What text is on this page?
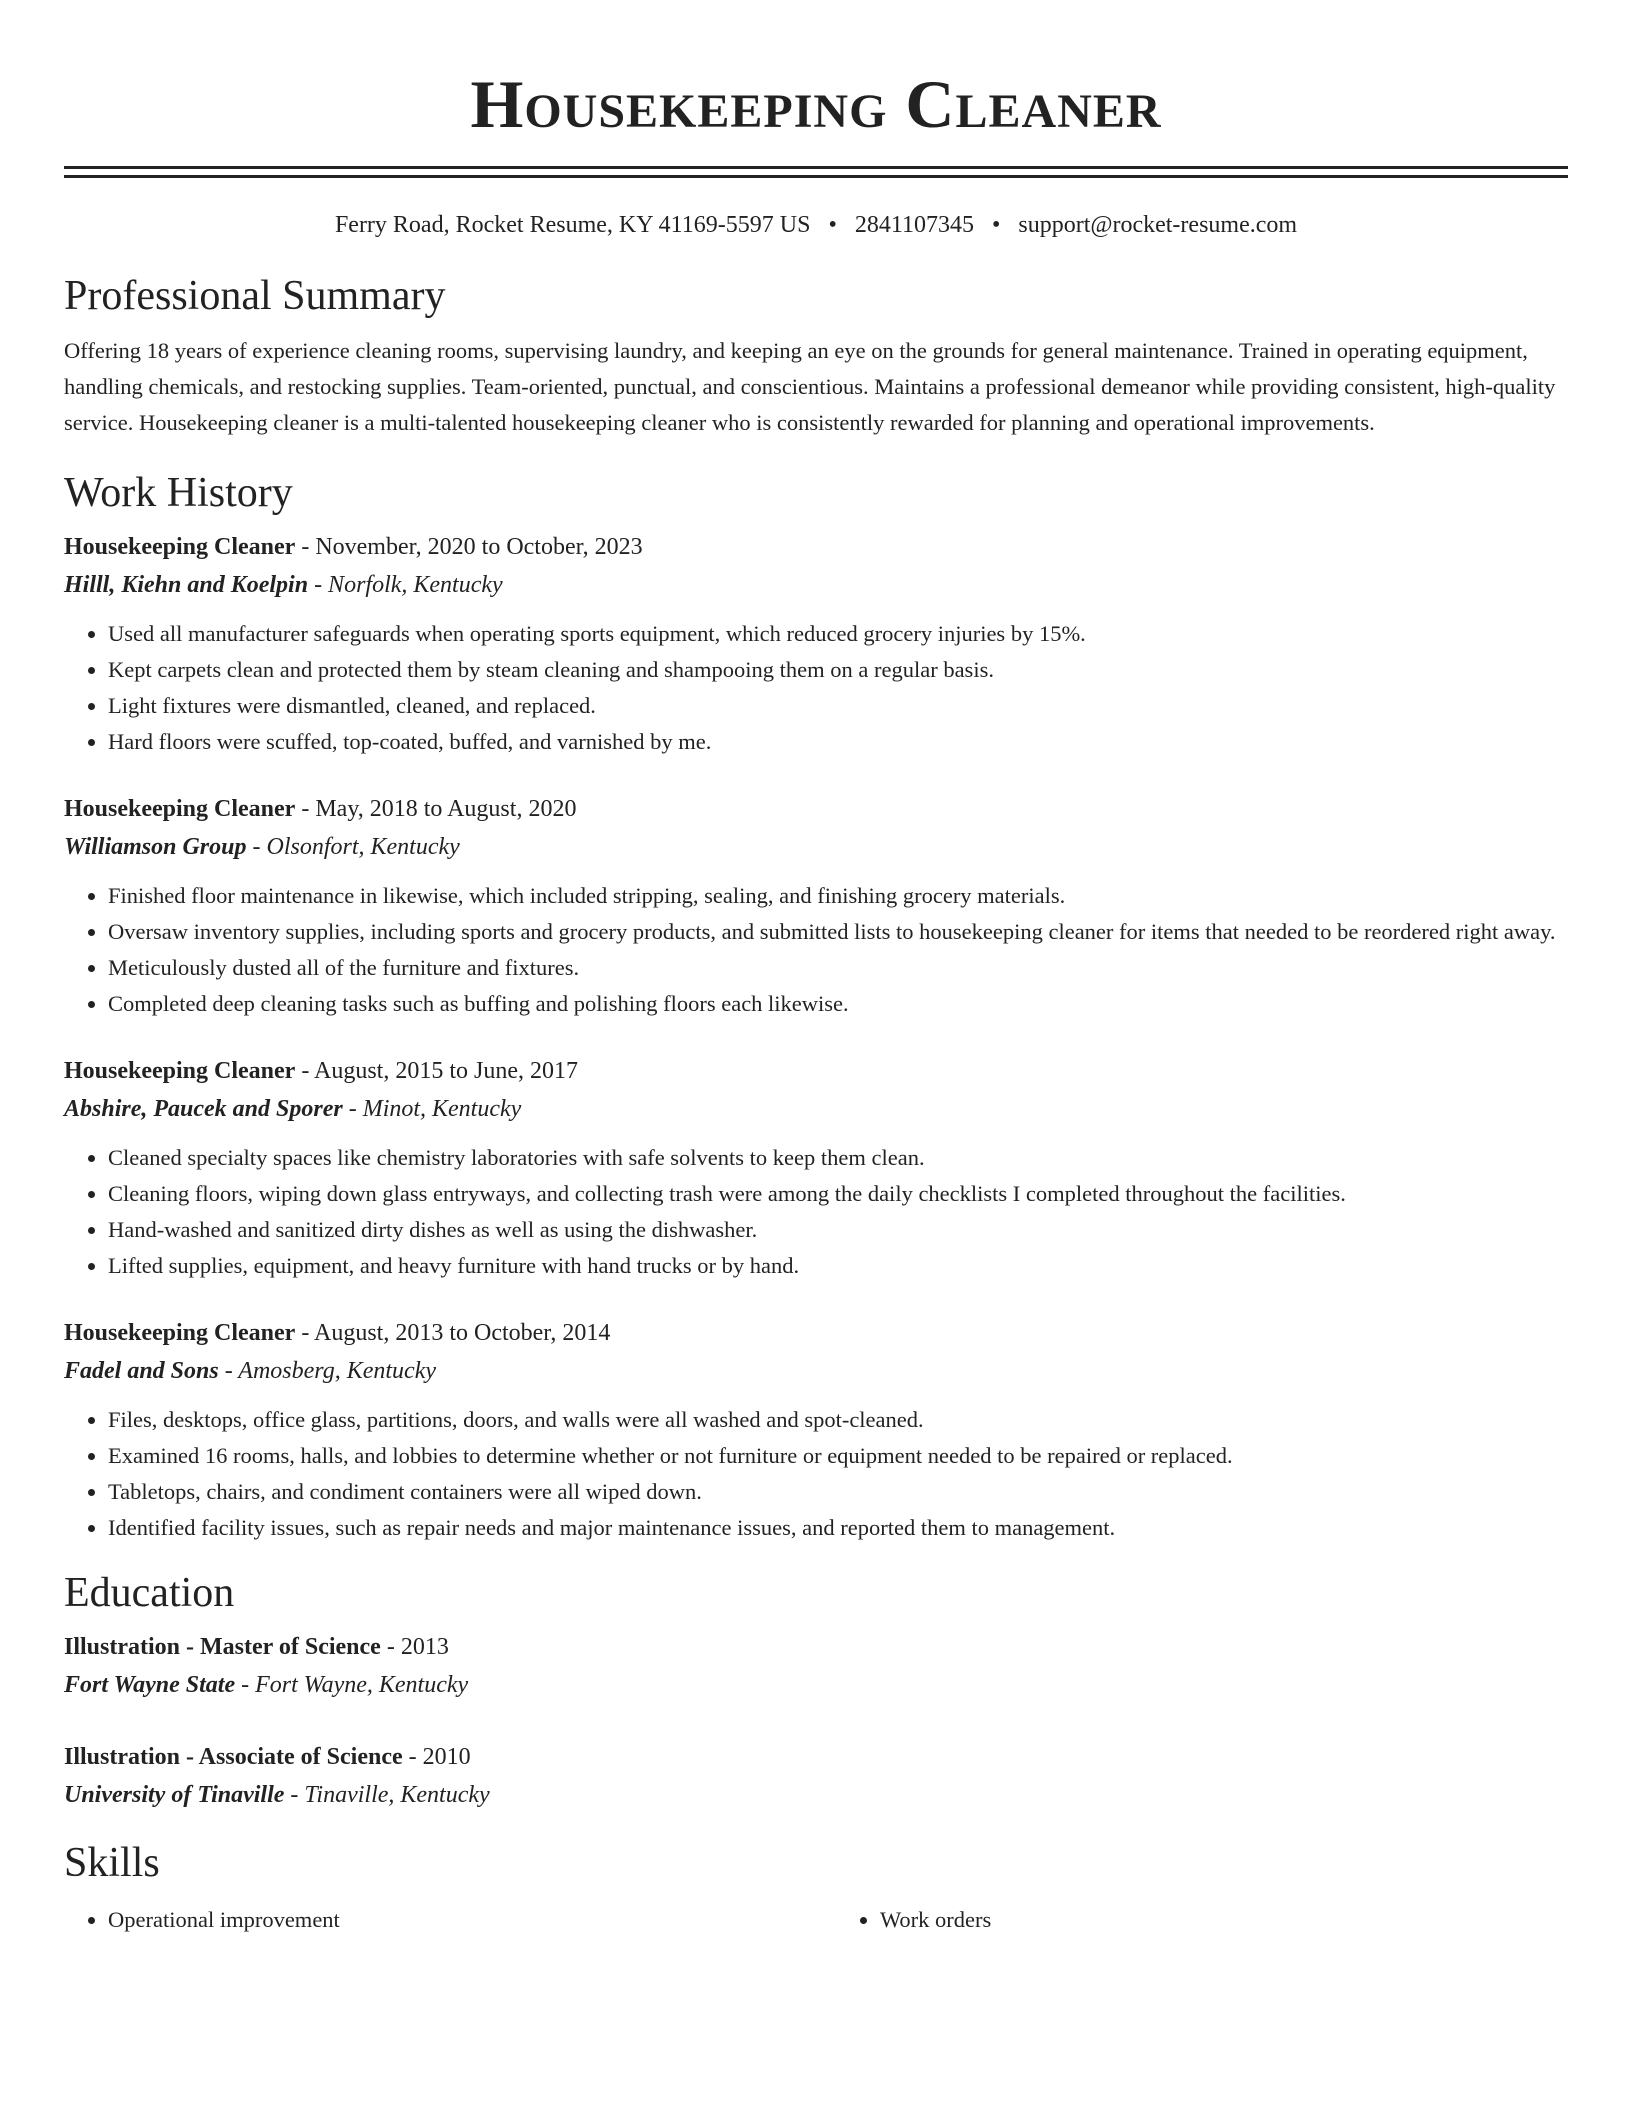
Housekeeping Cleaner
Ferry Road, Rocket Resume, KY 41169-5597 US • 2841107345 • support@rocket-resume.com
Professional Summary

Offering 18 years of experience cleaning rooms, supervising laundry, and keeping an eye on the grounds for general maintenance. Trained in operating equipment, handling chemicals, and restocking supplies. Team-oriented, punctual, and conscientious. Maintains a professional demeanor while providing consistent, high-quality service. Housekeeping cleaner is a multi-talented housekeeping cleaner who is consistently rewarded for planning and operational improvements.

Work History
Housekeeping Cleaner - November, 2020 to October, 2023
Hilll, Kiehn and Koelpin - Norfolk, Kentucky
• Used all manufacturer safeguards when operating sports equipment, which reduced grocery injuries by 15%.
• Kept carpets clean and protected them by steam cleaning and shampooing them on a regular basis.
• Light fixtures were dismantled, cleaned, and replaced.
• Hard floors were scuffed, top-coated, buffed, and varnished by me.
Housekeeping Cleaner - May, 2018 to August, 2020
Williamson Group - Olsonfort, Kentucky
• Finished floor maintenance in likewise, which included stripping, sealing, and finishing grocery materials.
• Oversaw inventory supplies, including sports and grocery products, and submitted lists to housekeeping cleaner for items that needed to be reordered right away.
• Meticulously dusted all of the furniture and fixtures.
• Completed deep cleaning tasks such as buffing and polishing floors each likewise.
Housekeeping Cleaner - August, 2015 to June, 2017
Abshire, Paucek and Sporer - Minot, Kentucky
• Cleaned specialty spaces like chemistry laboratories with safe solvents to keep them clean.
• Cleaning floors, wiping down glass entryways, and collecting trash were among the daily checklists I completed throughout the facilities.
• Hand-washed and sanitized dirty dishes as well as using the dishwasher.
• Lifted supplies, equipment, and heavy furniture with hand trucks or by hand.
Housekeeping Cleaner - August, 2013 to October, 2014
Fadel and Sons - Amosberg, Kentucky
• Files, desktops, office glass, partitions, doors, and walls were all washed and spot-cleaned.
• Examined 16 rooms, halls, and lobbies to determine whether or not furniture or equipment needed to be repaired or replaced.
• Tabletops, chairs, and condiment containers were all wiped down.
• Identified facility issues, such as repair needs and major maintenance issues, and reported them to management.
Education
Illustration - Master of Science - 2013
Fort Wayne State - Fort Wayne, Kentucky
Illustration - Associate of Science - 2010
University of Tinaville - Tinaville, Kentucky
Skills
• Operational improvement
•	Work orders
